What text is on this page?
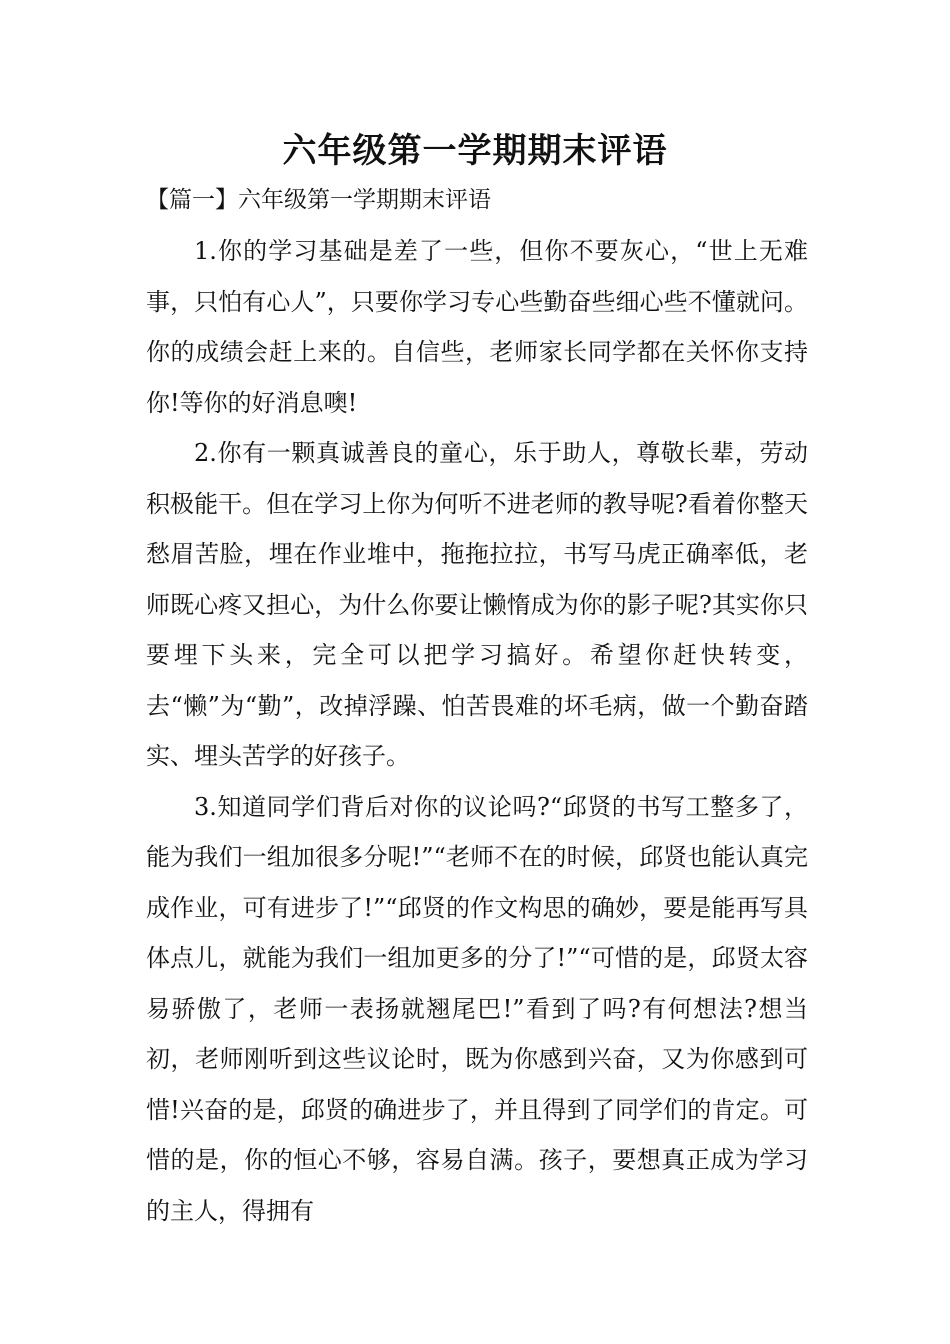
六年级第一学期期末评语

【篇一】六年级第一学期期末评语

1.你的学习基础是差了一些，但你不要灰心，“世上无难事，只怕有心人”，只要你学习专心些勤奋些细心些不懂就问。你的成绩会赶上来的。自信些，老师家长同学都在关怀你支持你!等你的好消息噢!

2.你有一颗真诚善良的童心，乐于助人，尊敬长辈，劳动积极能干。但在学习上你为何听不进老师的教导呢?看着你整天愁眉苦脸，埋在作业堆中，拖拖拉拉，书写马虎正确率低，老师既心疼又担心，为什么你要让懒惰成为你的影子呢?其实你只要埋下头来，完全可以把学习搞好。希望你赶快转变，去“懒”为“勤”，改掉浮躁、怕苦畏难的坏毛病，做一个勤奋踏实、埋头苦学的好孩子。

3.知道同学们背后对你的议论吗?“邱贤的书写工整多了，能为我们一组加很多分呢!”“老师不在的时候，邱贤也能认真完成作业，可有进步了!”“邱贤的作文构思的确妙，要是能再写具体点儿，就能为我们一组加更多的分了!”“可惜的是，邱贤太容易骄傲了，老师一表扬就翘尾巴!”看到了吗?有何想法?想当初，老师刚听到这些议论时，既为你感到兴奋，又为你感到可惜!兴奋的是，邱贤的确进步了，并且得到了同学们的肯定。可惜的是，你的恒心不够，容易自满。孩子，要想真正成为学习的主人，得拥有
